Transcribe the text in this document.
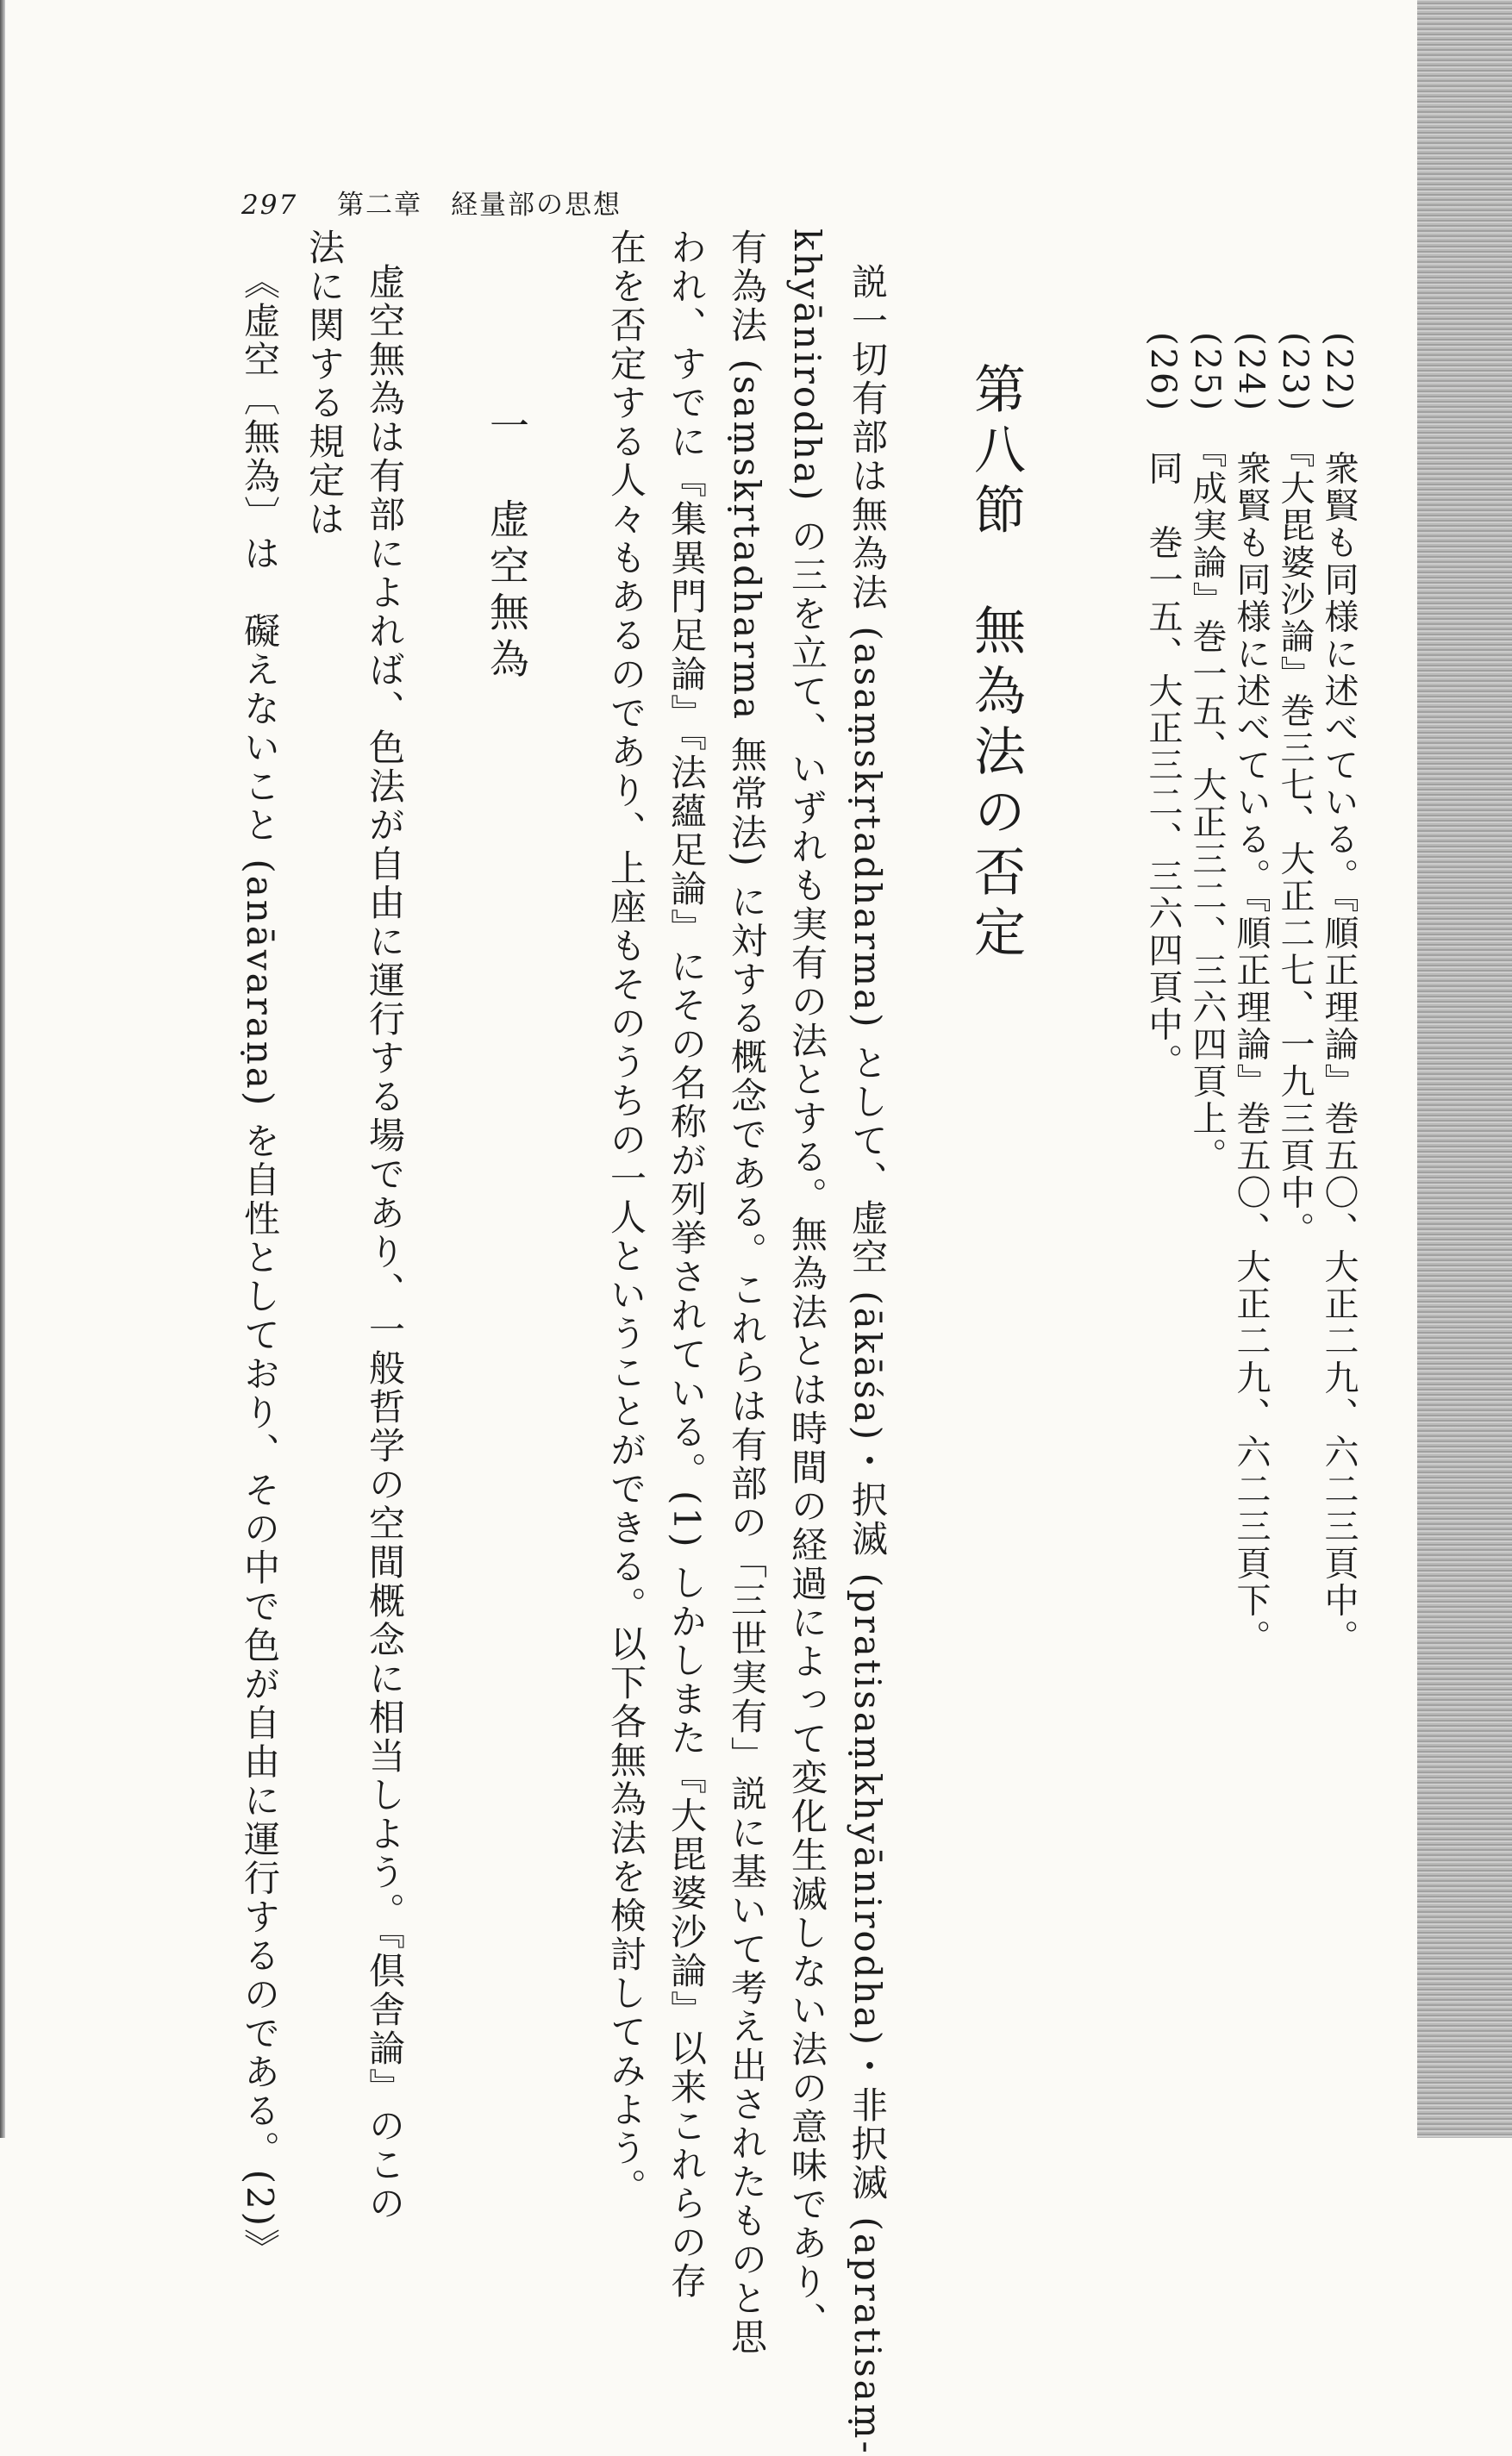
297 第二章　経量部の思想
(22)　衆賢も同様に述べている。『順正理論』巻五〇、大正二九、六二三頁中。
(23)　『大毘婆沙論』巻三七、大正二七、一九三頁中。
(24)　衆賢も同様に述べている。『順正理論』巻五〇、大正二九、六二三頁下。
(25)　『成実論』巻一五、大正三二、三六四頁上。
(26)　同　巻一五、大正三二、三六四頁中。
第八節　無為法の否定
説一切有部は無為法 (asaṃskṛtadharma) として、虚空 (ākāśa)・択滅 (pratisaṃkhyānirodha)・非択滅 (apratisaṃ-
khyānirodha) の三を立て、いずれも実有の法とする。無為法とは時間の経過によって変化生滅しない法の意味であり、
有為法 (saṃskṛtadharma 無常法) に対する概念である。これらは有部の「三世実有」説に基いて考え出されたものと思
われ、すでに『集異門足論』『法蘊足論』にその名称が列挙されている。(1) しかしまた『大毘婆沙論』以来これらの存
在を否定する人々もあるのであり、上座もそのうちの一人ということができる。以下各無為法を検討してみよう。
一　虚空無為
虚空無為は有部によれば、色法が自由に運行する場であり、一般哲学の空間概念に相当しよう。『倶舎論』のこの
法に関する規定は
《虚空〔無為〕は　礙えないこと (anāvaraṇa) を自性としており、その中で色が自由に運行するのである。(2)》
